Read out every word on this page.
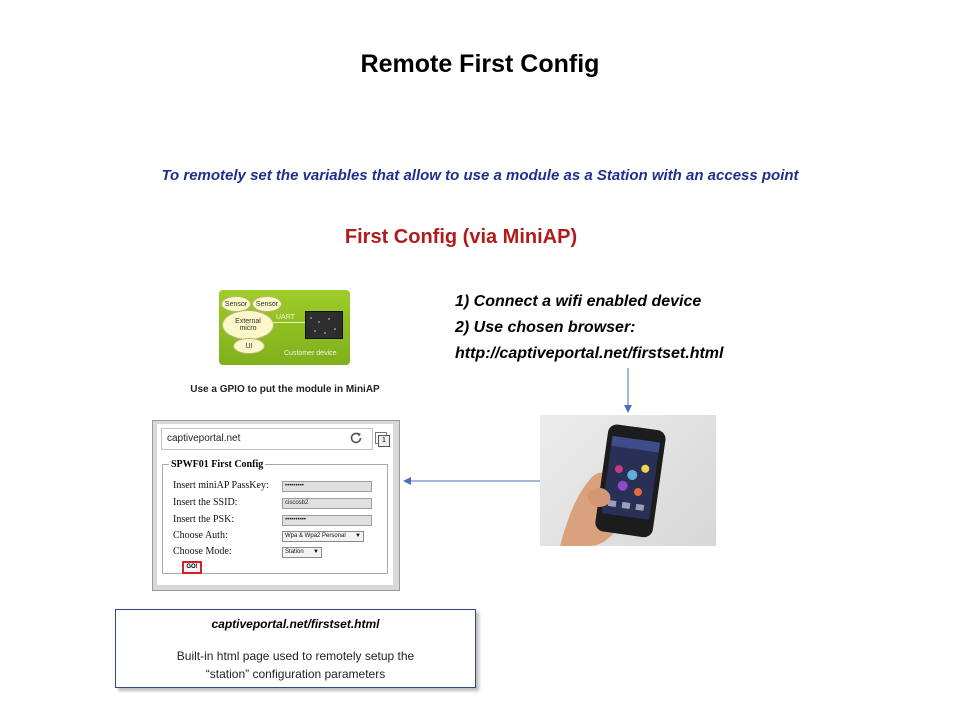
Remote First Config
To remotely set the variables that allow to use a module as a Station with an access point
First Config (via MiniAP)
Sensor Sensor
External
micro
UI
UART
Customer device
Use a GPIO to put the module in MiniAP
1) Connect a wifi enabled device
2) Use chosen browser:
http://captiveportal.net/firstset.html
captiveportal.net	1
SPWF01 First Config
Insert miniAP PassKey:	•••••••••
Insert the SSID:	ciscosb2
Insert the PSK:	••••••••••
Choose Auth:	Wpa & Wpa2 Personal ▼
Choose Mode:	Station ▼
GO!
captiveportal.net/firstset.html
Built-in html page used to remotely setup the
“station” configuration parameters
